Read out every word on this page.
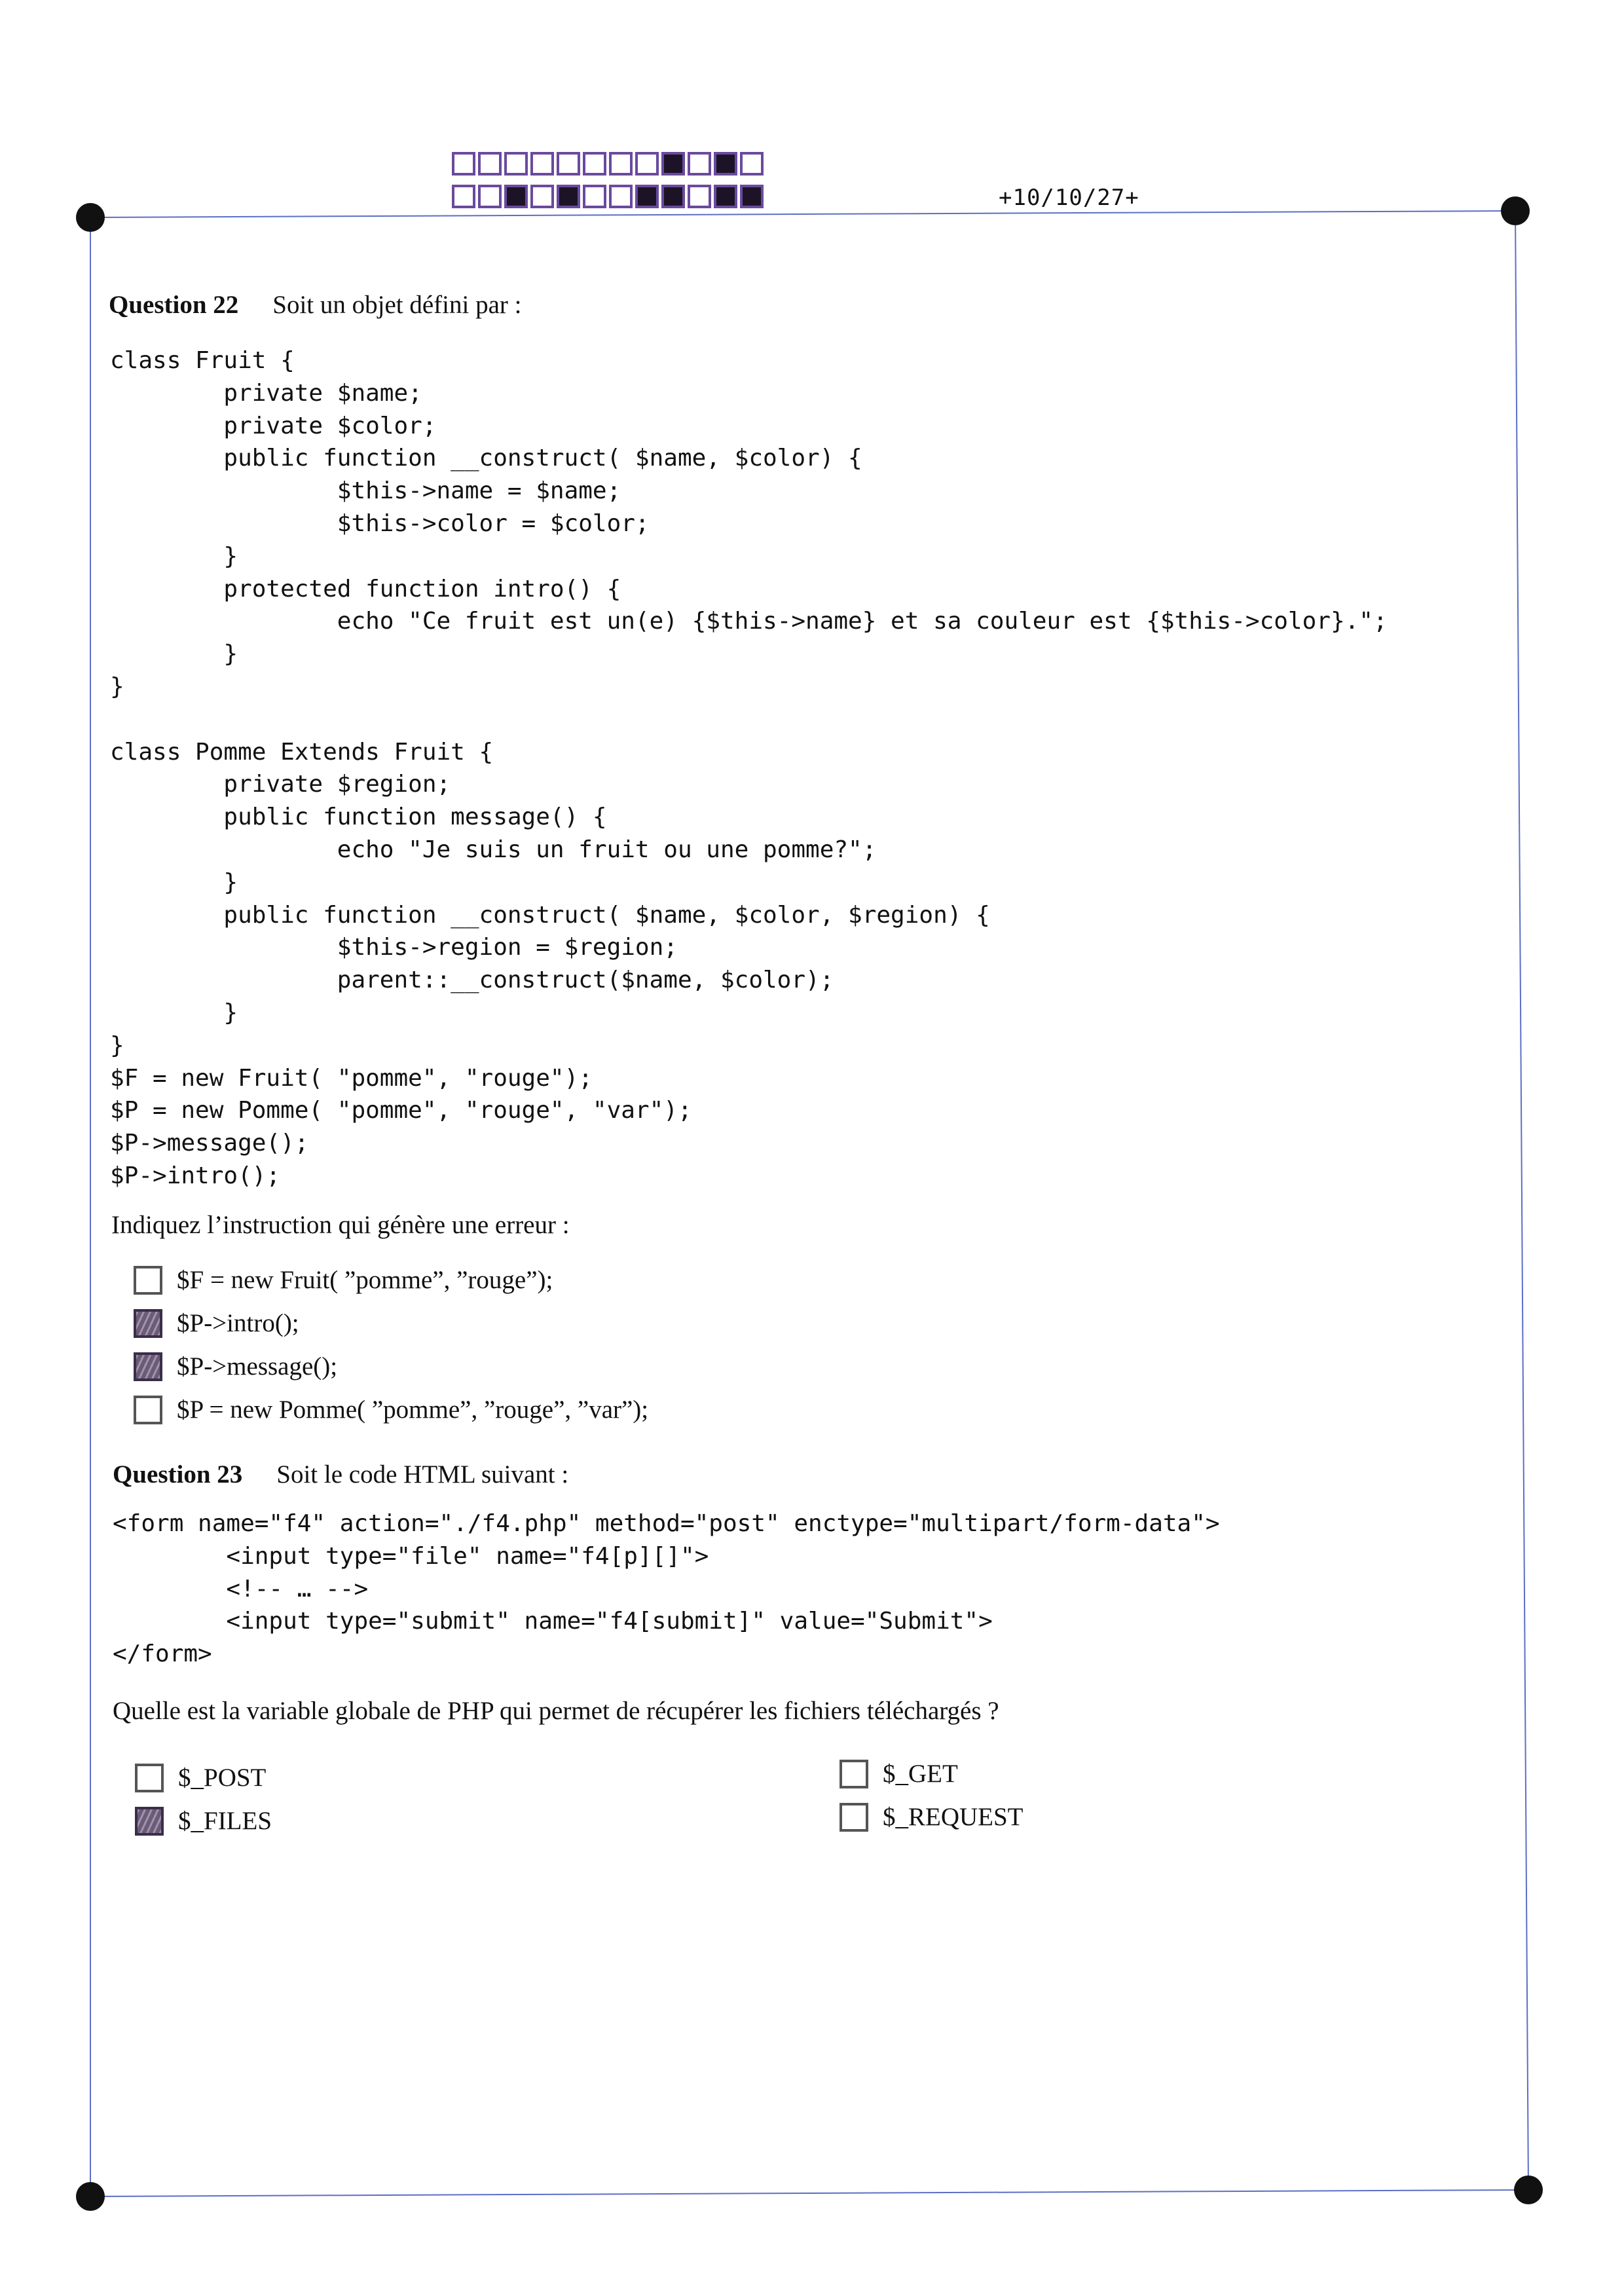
+10/10/27+
Question 22 Soit un objet défini par :
class Fruit {
private $name;
private $color;
public function __construct( $name, $color) {
$this->name = $name;
$this->color = $color;
}
protected function intro() {
echo "Ce fruit est un(e) {$this->name} et sa couleur est {$this->color}.";
}
}

class Pomme Extends Fruit {
private $region;
public function message() {
echo "Je suis un fruit ou une pomme?";
}
public function __construct( $name, $color, $region) {
$this->region = $region;
parent::__construct($name, $color);
}
}
$F = new Fruit( "pomme", "rouge");
$P = new Pomme( "pomme", "rouge", "var");
$P->message();
$P->intro();
Indiquez l’instruction qui génère une erreur :
$F = new Fruit( ”pomme”, ”rouge”);
$P->intro();
$P->message();
$P = new Pomme( ”pomme”, ”rouge”, ”var”);
Question 23 Soit le code HTML suivant :
<form name="f4" action="./f4.php" method="post" enctype="multipart/form-data">
<input type="file" name="f4[p][]">
<!-- … -->
<input type="submit" name="f4[submit]" value="Submit">
</form>
Quelle est la variable globale de PHP qui permet de récupérer les fichiers téléchargés ?
$_POST	$_GET
$_FILES	$_REQUEST
